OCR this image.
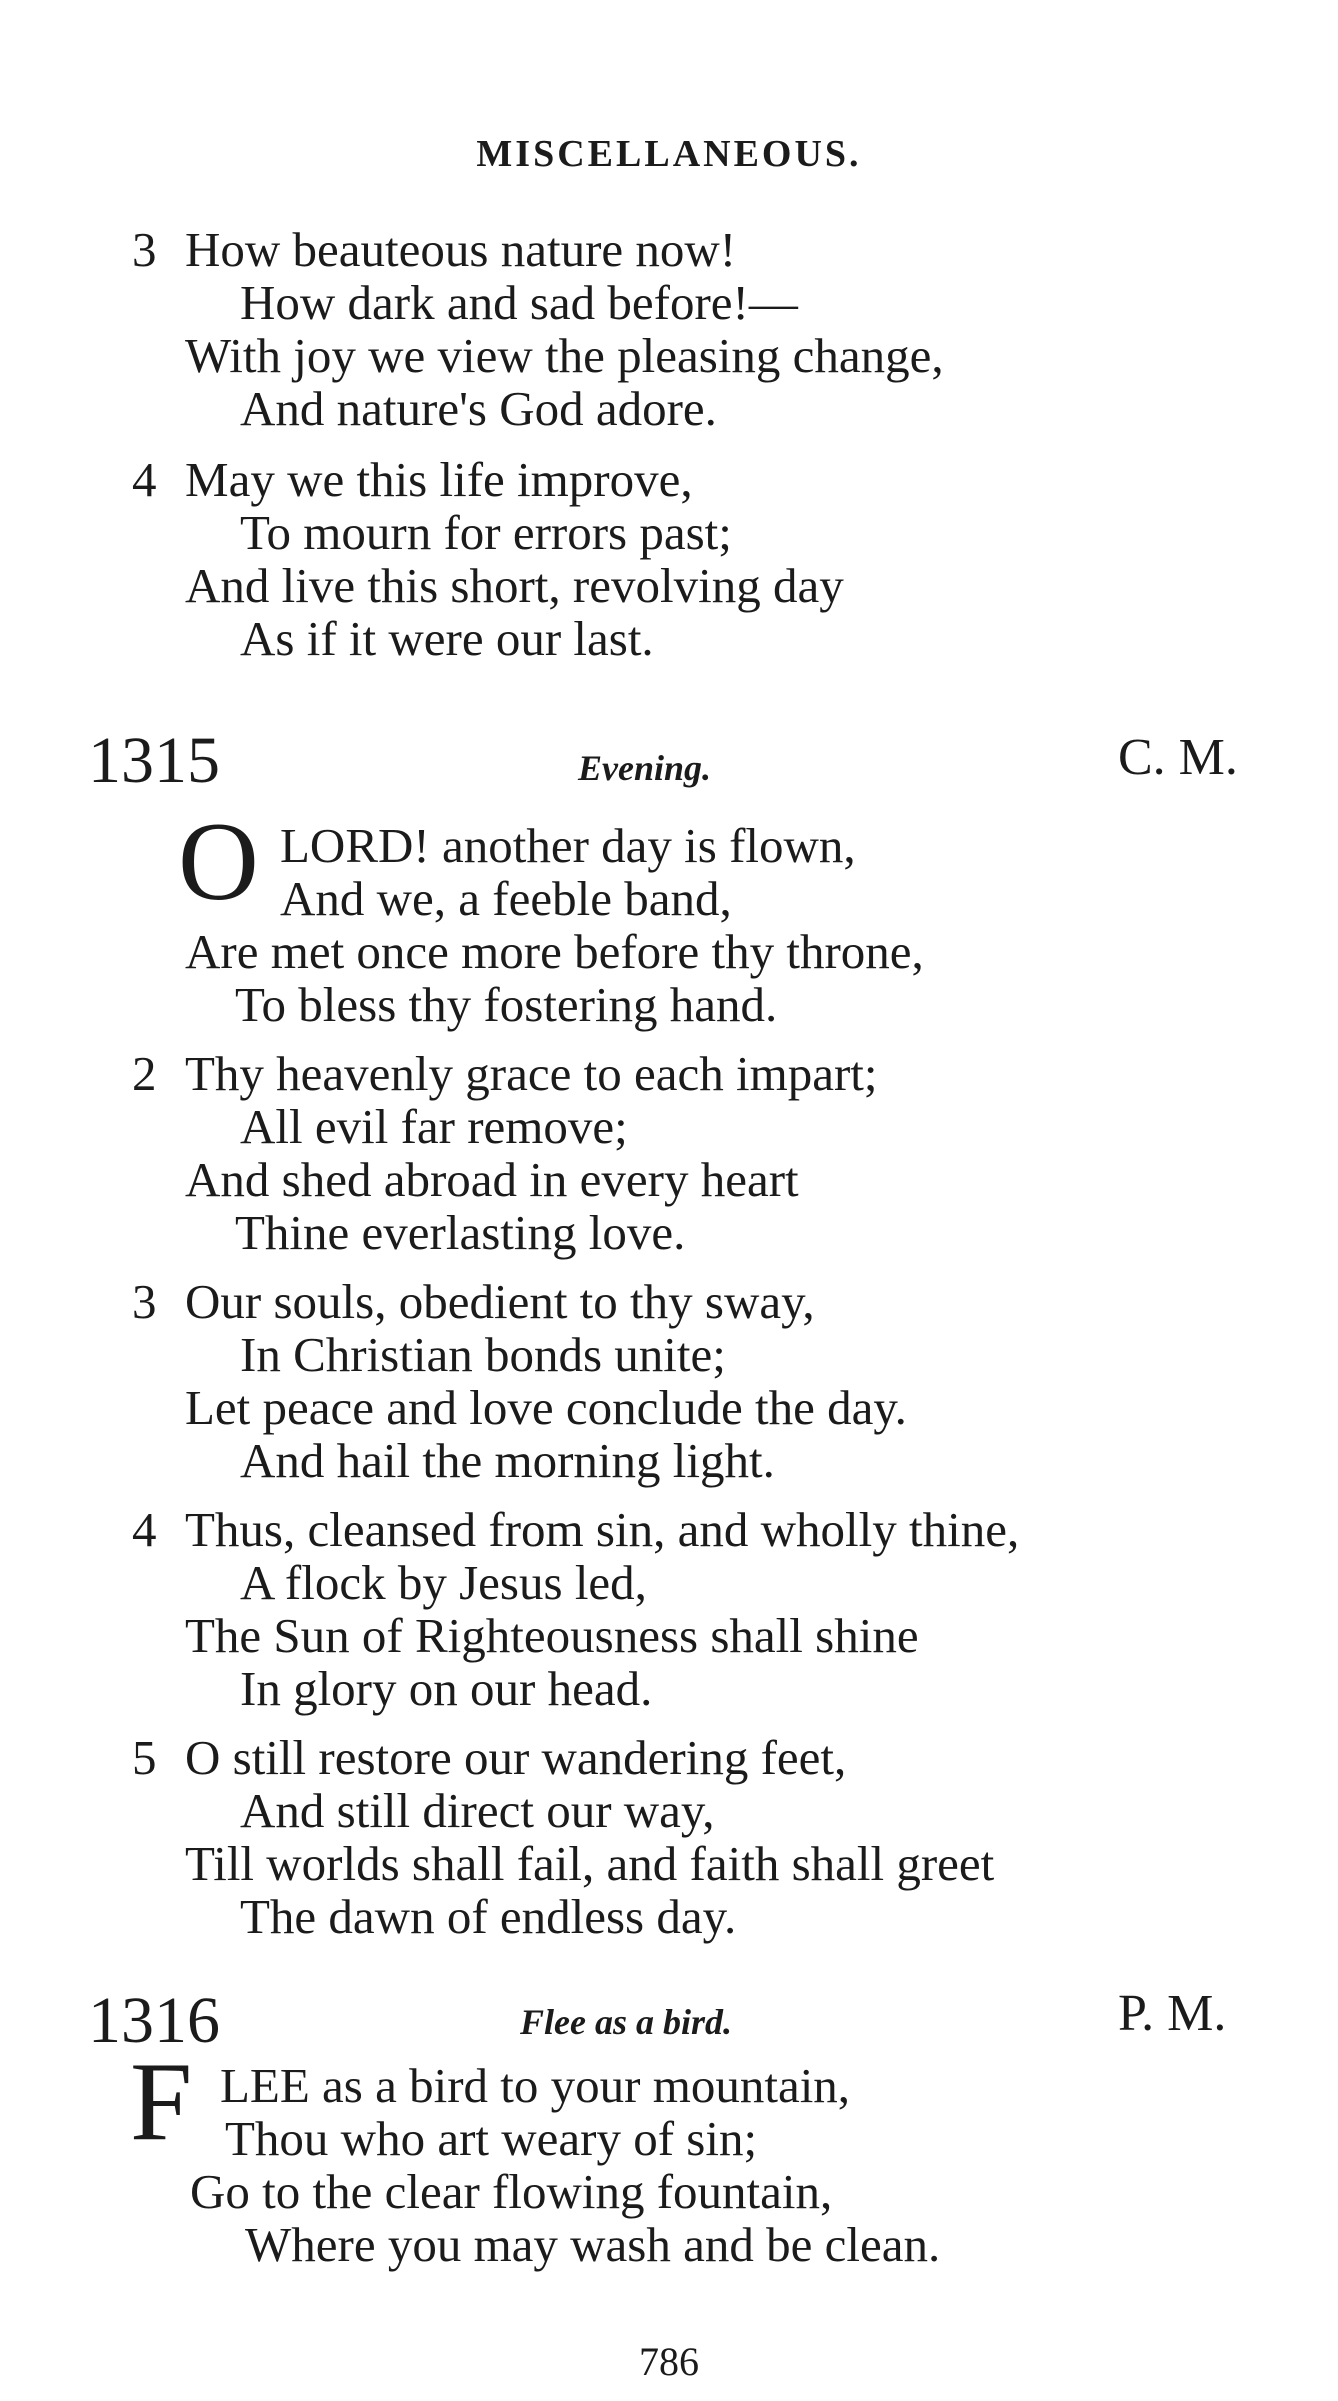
MISCELLANEOUS.
3 How beauteous nature now!
How dark and sad before!—
With joy we view the pleasing change,
And nature's God adore.
4 May we this life improve,
To mourn for errors past;
And live this short, revolving day
As if it were our last.
1315	Evening.	C. M.
O LORD! another day is flown,
And we, a feeble band,
Are met once more before thy throne,
To bless thy fostering hand.
2 Thy heavenly grace to each impart;
All evil far remove;
And shed abroad in every heart
Thine everlasting love.
3 Our souls, obedient to thy sway,
In Christian bonds unite;
Let peace and love conclude the day.
And hail the morning light.
4 Thus, cleansed from sin, and wholly thine,
A flock by Jesus led,
The Sun of Righteousness shall shine
In glory on our head.
5 O still restore our wandering feet,
And still direct our way,
Till worlds shall fail, and faith shall greet
The dawn of endless day.
1316	Flee as a bird.	P. M.
F LEE as a bird to your mountain,
Thou who art weary of sin;
Go to the clear flowing fountain,
Where you may wash and be clean.
786
